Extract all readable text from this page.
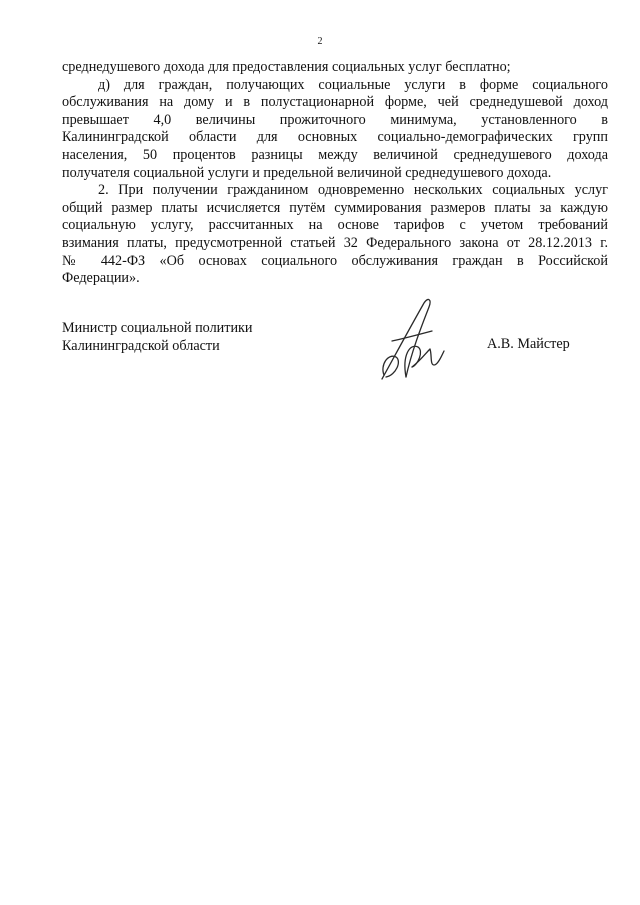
2
среднедушевого дохода для предоставления социальных услуг бесплатно;
д) для граждан, получающих социальные услуги в форме социального
обслуживания на дому и в полустационарной форме, чей среднедушевой доход
превышает 4,0 величины прожиточного минимума, установленного в
Калининградской области для основных социально-демографических групп
населения, 50 процентов разницы между величиной среднедушевого дохода
получателя социальной услуги и предельной величиной среднедушевого дохода.
2. При получении гражданином одновременно нескольких социальных услуг
общий размер платы исчисляется путём суммирования размеров платы за каждую
социальную услугу, рассчитанных на основе тарифов с учетом требований
взимания платы, предусмотренной статьей 32 Федерального закона от 28.12.2013 г.
№ 442-ФЗ «Об основах социального обслуживания граждан в Российской
Федерации».
Министр социальной политики
Калининградской области	А.В. Майстер
